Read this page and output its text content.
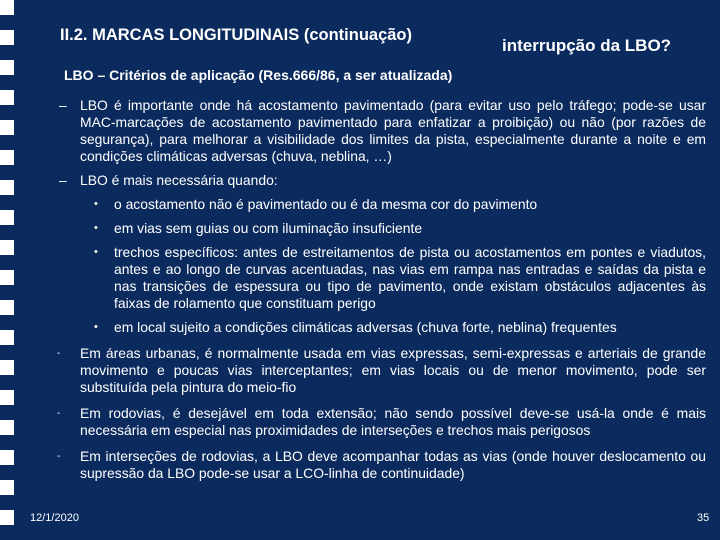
II.2. MARCAS LONGITUDINAIS (continuação)
interrupção da LBO?
LBO – Critérios de aplicação (Res.666/86, a ser atualizada)
– LBO é importante onde há acostamento pavimentado (para evitar uso pelo tráfego; pode-se usar MAC-marcações de acostamento pavimentado para enfatizar a proibição) ou não (por razões de segurança), para melhorar a visibilidade dos limites da pista, especialmente durante a noite e em condições climáticas adversas (chuva, neblina, …)
– LBO é mais necessária quando:
• o acostamento não é pavimentado ou é da mesma cor do pavimento
• em vias sem guias ou com iluminação insuficiente
• trechos específicos: antes de estreitamentos de pista ou acostamentos em pontes e viadutos, antes e ao longo de curvas acentuadas, nas vias em rampa nas entradas e saídas da pista e nas transições de espessura ou tipo de pavimento, onde existam obstáculos adjacentes às faixas de rolamento que constituam perigo
• em local sujeito a condições climáticas adversas (chuva forte, neblina) frequentes
- Em áreas urbanas, é normalmente usada em vias expressas, semi-expressas e arteriais de grande movimento e poucas vias interceptantes; em vias locais ou de menor movimento, pode ser substituída pela pintura do meio-fio
- Em rodovias, é desejável em toda extensão; não sendo possível deve-se usá-la onde é mais necessária em especial nas proximidades de interseções e trechos mais perigosos
- Em interseções de rodovias, a LBO deve acompanhar todas as vias (onde houver deslocamento ou supressão da LBO pode-se usar a LCO-linha de continuidade)
12/1/2020	35
